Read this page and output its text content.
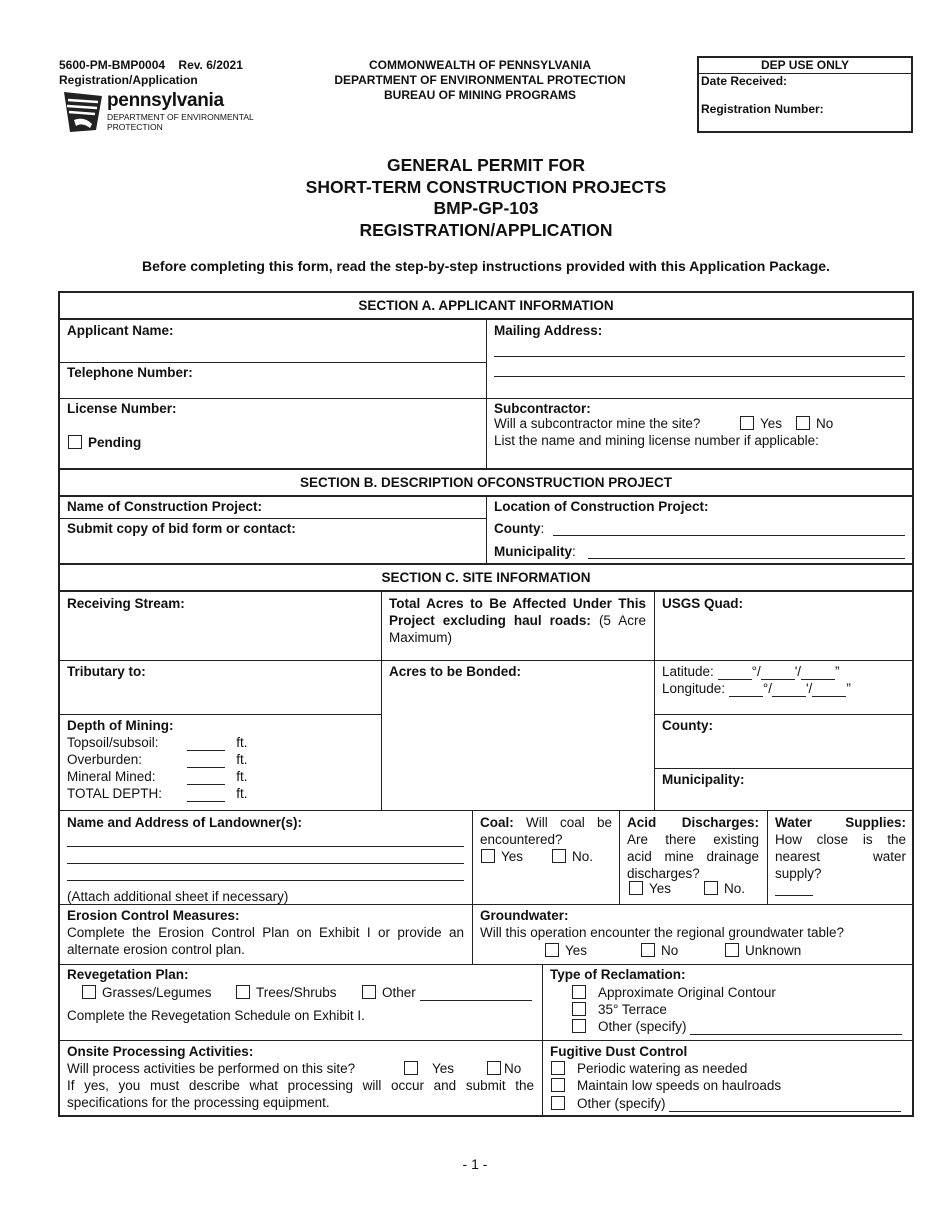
5600-PM-BMP0004 Rev. 6/2021
Registration/Application
pennsylvania
DEPARTMENT OF ENVIRONMENTAL
PROTECTION
COMMONWEALTH OF PENNSYLVANIA
DEPARTMENT OF ENVIRONMENTAL PROTECTION
BUREAU OF MINING PROGRAMS
DEP USE ONLY
Date Received:
Registration Number:
GENERAL PERMIT FOR
SHORT-TERM CONSTRUCTION PROJECTS
BMP-GP-103
REGISTRATION/APPLICATION
Before completing this form, read the step-by-step instructions provided with this Application Package.
SECTION A. APPLICANT INFORMATION
Applicant Name:	Mailing Address:
Telephone Number:
License Number:
Pending
Subcontractor:
Will a subcontractor mine the site?	Yes	No
List the name and mining license number if applicable:
SECTION B. DESCRIPTION OFCONSTRUCTION PROJECT
Name of Construction Project:
Submit copy of bid form or contact:
Location of Construction Project:
County:
Municipality:
SECTION C. SITE INFORMATION
Receiving Stream:	Total Acres to Be Affected Under This Project excluding haul roads: (5 Acre Maximum)
USGS Quad:
Tributary to:	Acres to be Bonded:	Latitude:	°/	'/	”
Longitude:	°/	'/	”
Depth of Mining:
Topsoil/subsoil:	ft.
Overburden:	ft.
Mineral Mined:	ft.
TOTAL DEPTH:	ft.
County:
Municipality:
Name and Address of Landowner(s):
(Attach additional sheet if necessary)
Coal: Will coal be encountered?
Yes	No.
Acid Discharges: Are there existing acid mine drainage discharges?
Yes	No.
Water Supplies: How close is the nearest water supply?
Erosion Control Measures:
Complete the Erosion Control Plan on Exhibit I or provide an alternate erosion control plan.
Groundwater:
Will this operation encounter the regional groundwater table?
Yes	No	Unknown
Revegetation Plan:
Grasses/Legumes	Trees/Shrubs	Other
Complete the Revegetation Schedule on Exhibit I.
Type of Reclamation:
Approximate Original Contour
35° Terrace
Other (specify)
Onsite Processing Activities:
Will process activities be performed on this site?	Yes	No
If yes, you must describe what processing will occur and submit the specifications for the processing equipment.
Fugitive Dust Control
Periodic watering as needed
Maintain low speeds on haulroads
Other (specify)
- 1 -
